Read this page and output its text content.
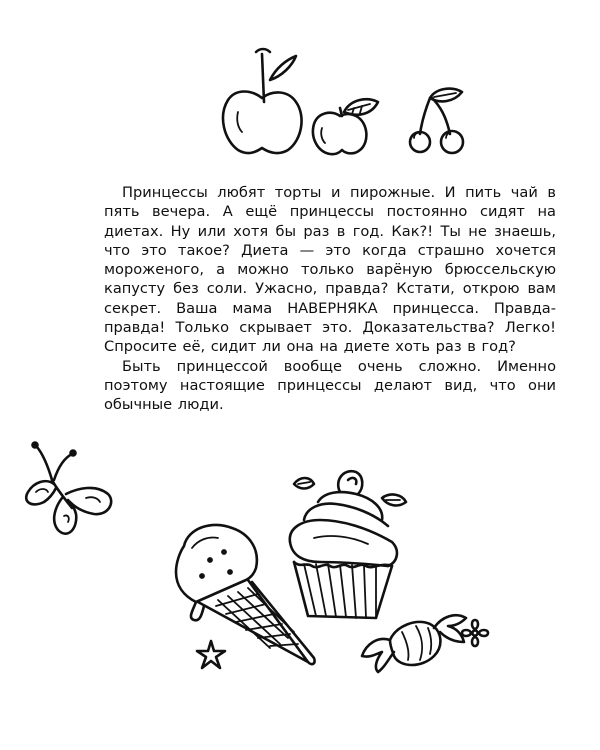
Принцессы любят торты и пирожные. И пить чай в пять вечера. А ещё принцессы постоянно сидят на диетах. Ну или хотя бы раз в год. Как?! Ты не знаешь, что это такое? Диета — это когда страшно хочется мороженого, а можно только варёную брюссельскую капусту без соли. Ужасно, правда? Кстати, открою вам секрет. Ваша мама НАВЕРНЯКА принцесса. Правда-правда! Только скрывает это. Доказательства? Легко! Спросите её, сидит ли она на диете хоть раз в год?

Быть принцессой вообще очень сложно. Именно поэтому настоящие принцессы делают вид, что они обычные люди.
